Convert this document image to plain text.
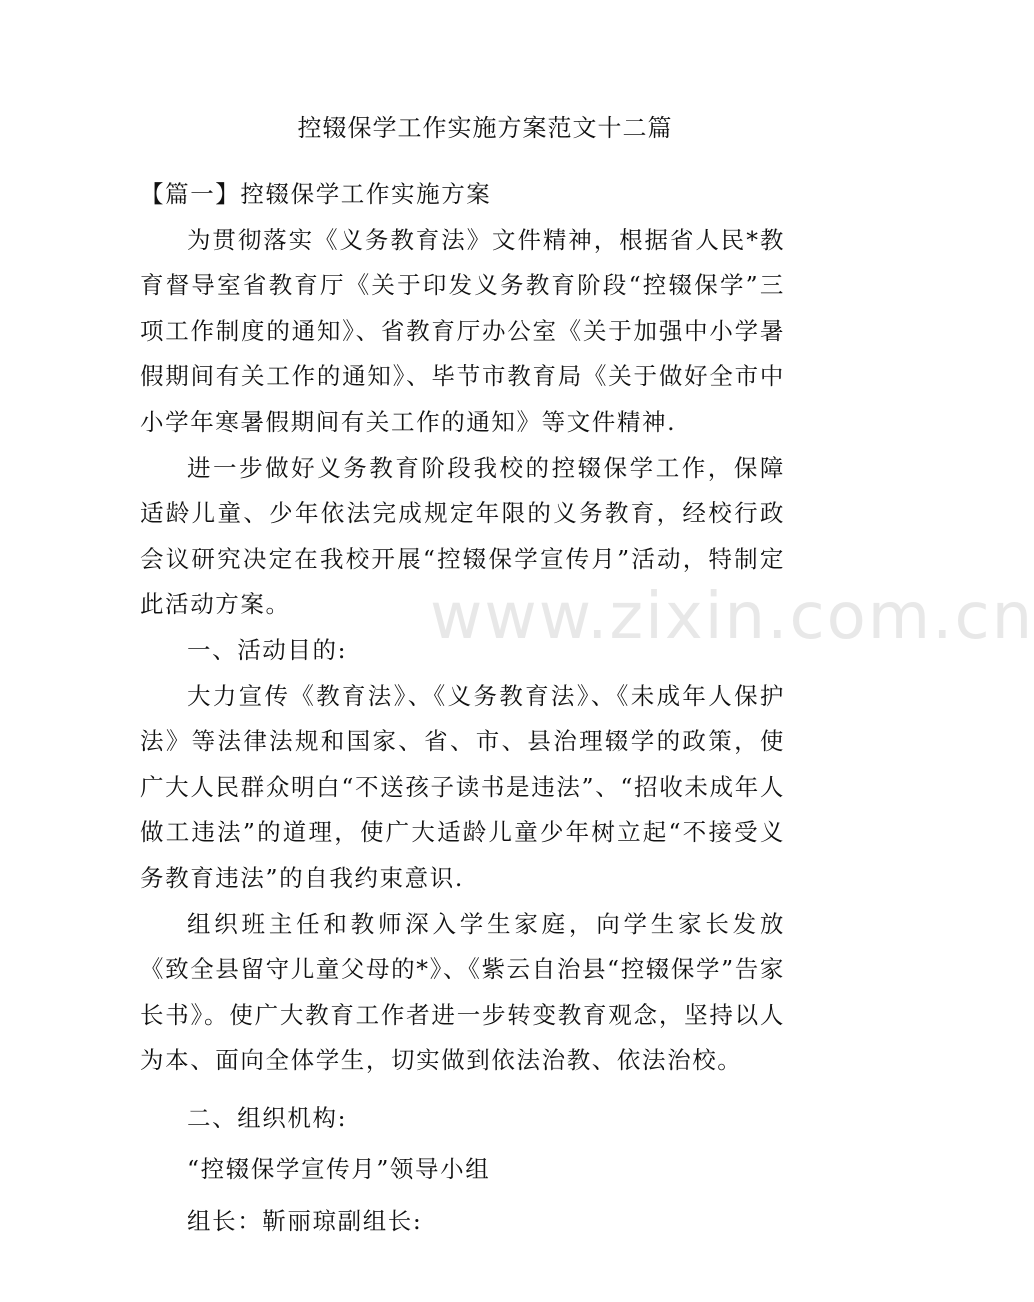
www.zixin.com.cn
控辍保学工作实施方案范文十二篇

【篇一】控辍保学工作实施方案

为贯彻落实《义务教育法》文件精神，根据省人民*教育督导室省教育厅《关于印发义务教育阶段“控辍保学”三项工作制度的通知》、省教育厅办公室《关于加强中小学暑假期间有关工作的通知》、毕节市教育局《关于做好全市中小学年寒暑假期间有关工作的通知》等文件精神.

进一步做好义务教育阶段我校的控辍保学工作，保障适龄儿童、少年依法完成规定年限的义务教育，经校行政会议研究决定在我校开展“控辍保学宣传月”活动，特制定此活动方案。

一、活动目的:

大力宣传《教育法》、《义务教育法》、《未成年人保护法》等法律法规和国家、省、市、县治理辍学的政策，使广大人民群众明白“不送孩子读书是违法”、“招收未成年人做工违法”的道理，使广大适龄儿童少年树立起“不接受义务教育违法”的自我约束意识.

组织班主任和教师深入学生家庭，向学生家长发放《致全县留守儿童父母的*》、《紫云自治县“控辍保学”告家长书》。使广大教育工作者进一步转变教育观念，坚持以人为本、面向全体学生，切实做到依法治教、依法治校。

二、组织机构:

“控辍保学宣传月”领导小组

组长：靳丽琼副组长:
